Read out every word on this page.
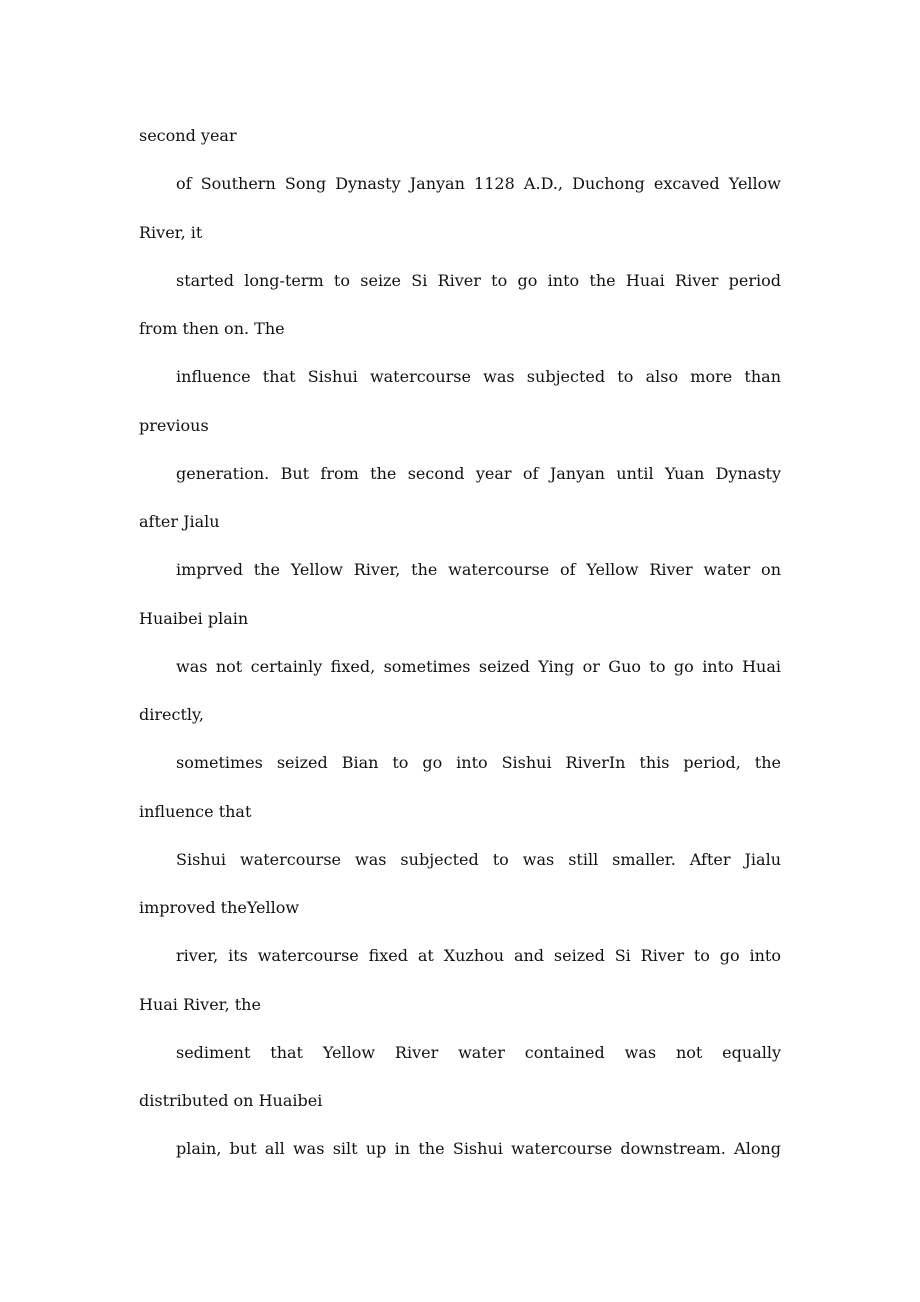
second year
of Southern Song Dynasty Janyan 1128 A.D., Duchong excaved Yellow
River, it
started long-term to seize Si River to go into the Huai River period
from then on. The
influence that Sishui watercourse was subjected to also more than
previous
generation. But from the second year of Janyan until Yuan Dynasty
after Jialu
imprved the Yellow River, the watercourse of Yellow River water on
Huaibei plain
was not certainly fixed, sometimes seized Ying or Guo to go into Huai
directly,
sometimes seized Bian to go into Sishui RiverIn this period, the
influence that
Sishui watercourse was subjected to was still smaller. After Jialu
improved theYellow
river, its watercourse fixed at Xuzhou and seized Si River to go into
Huai River, the
sediment that Yellow River water contained was not equally
distributed on Huaibei
plain, but all was silt up in the Sishui watercourse downstream. Along
